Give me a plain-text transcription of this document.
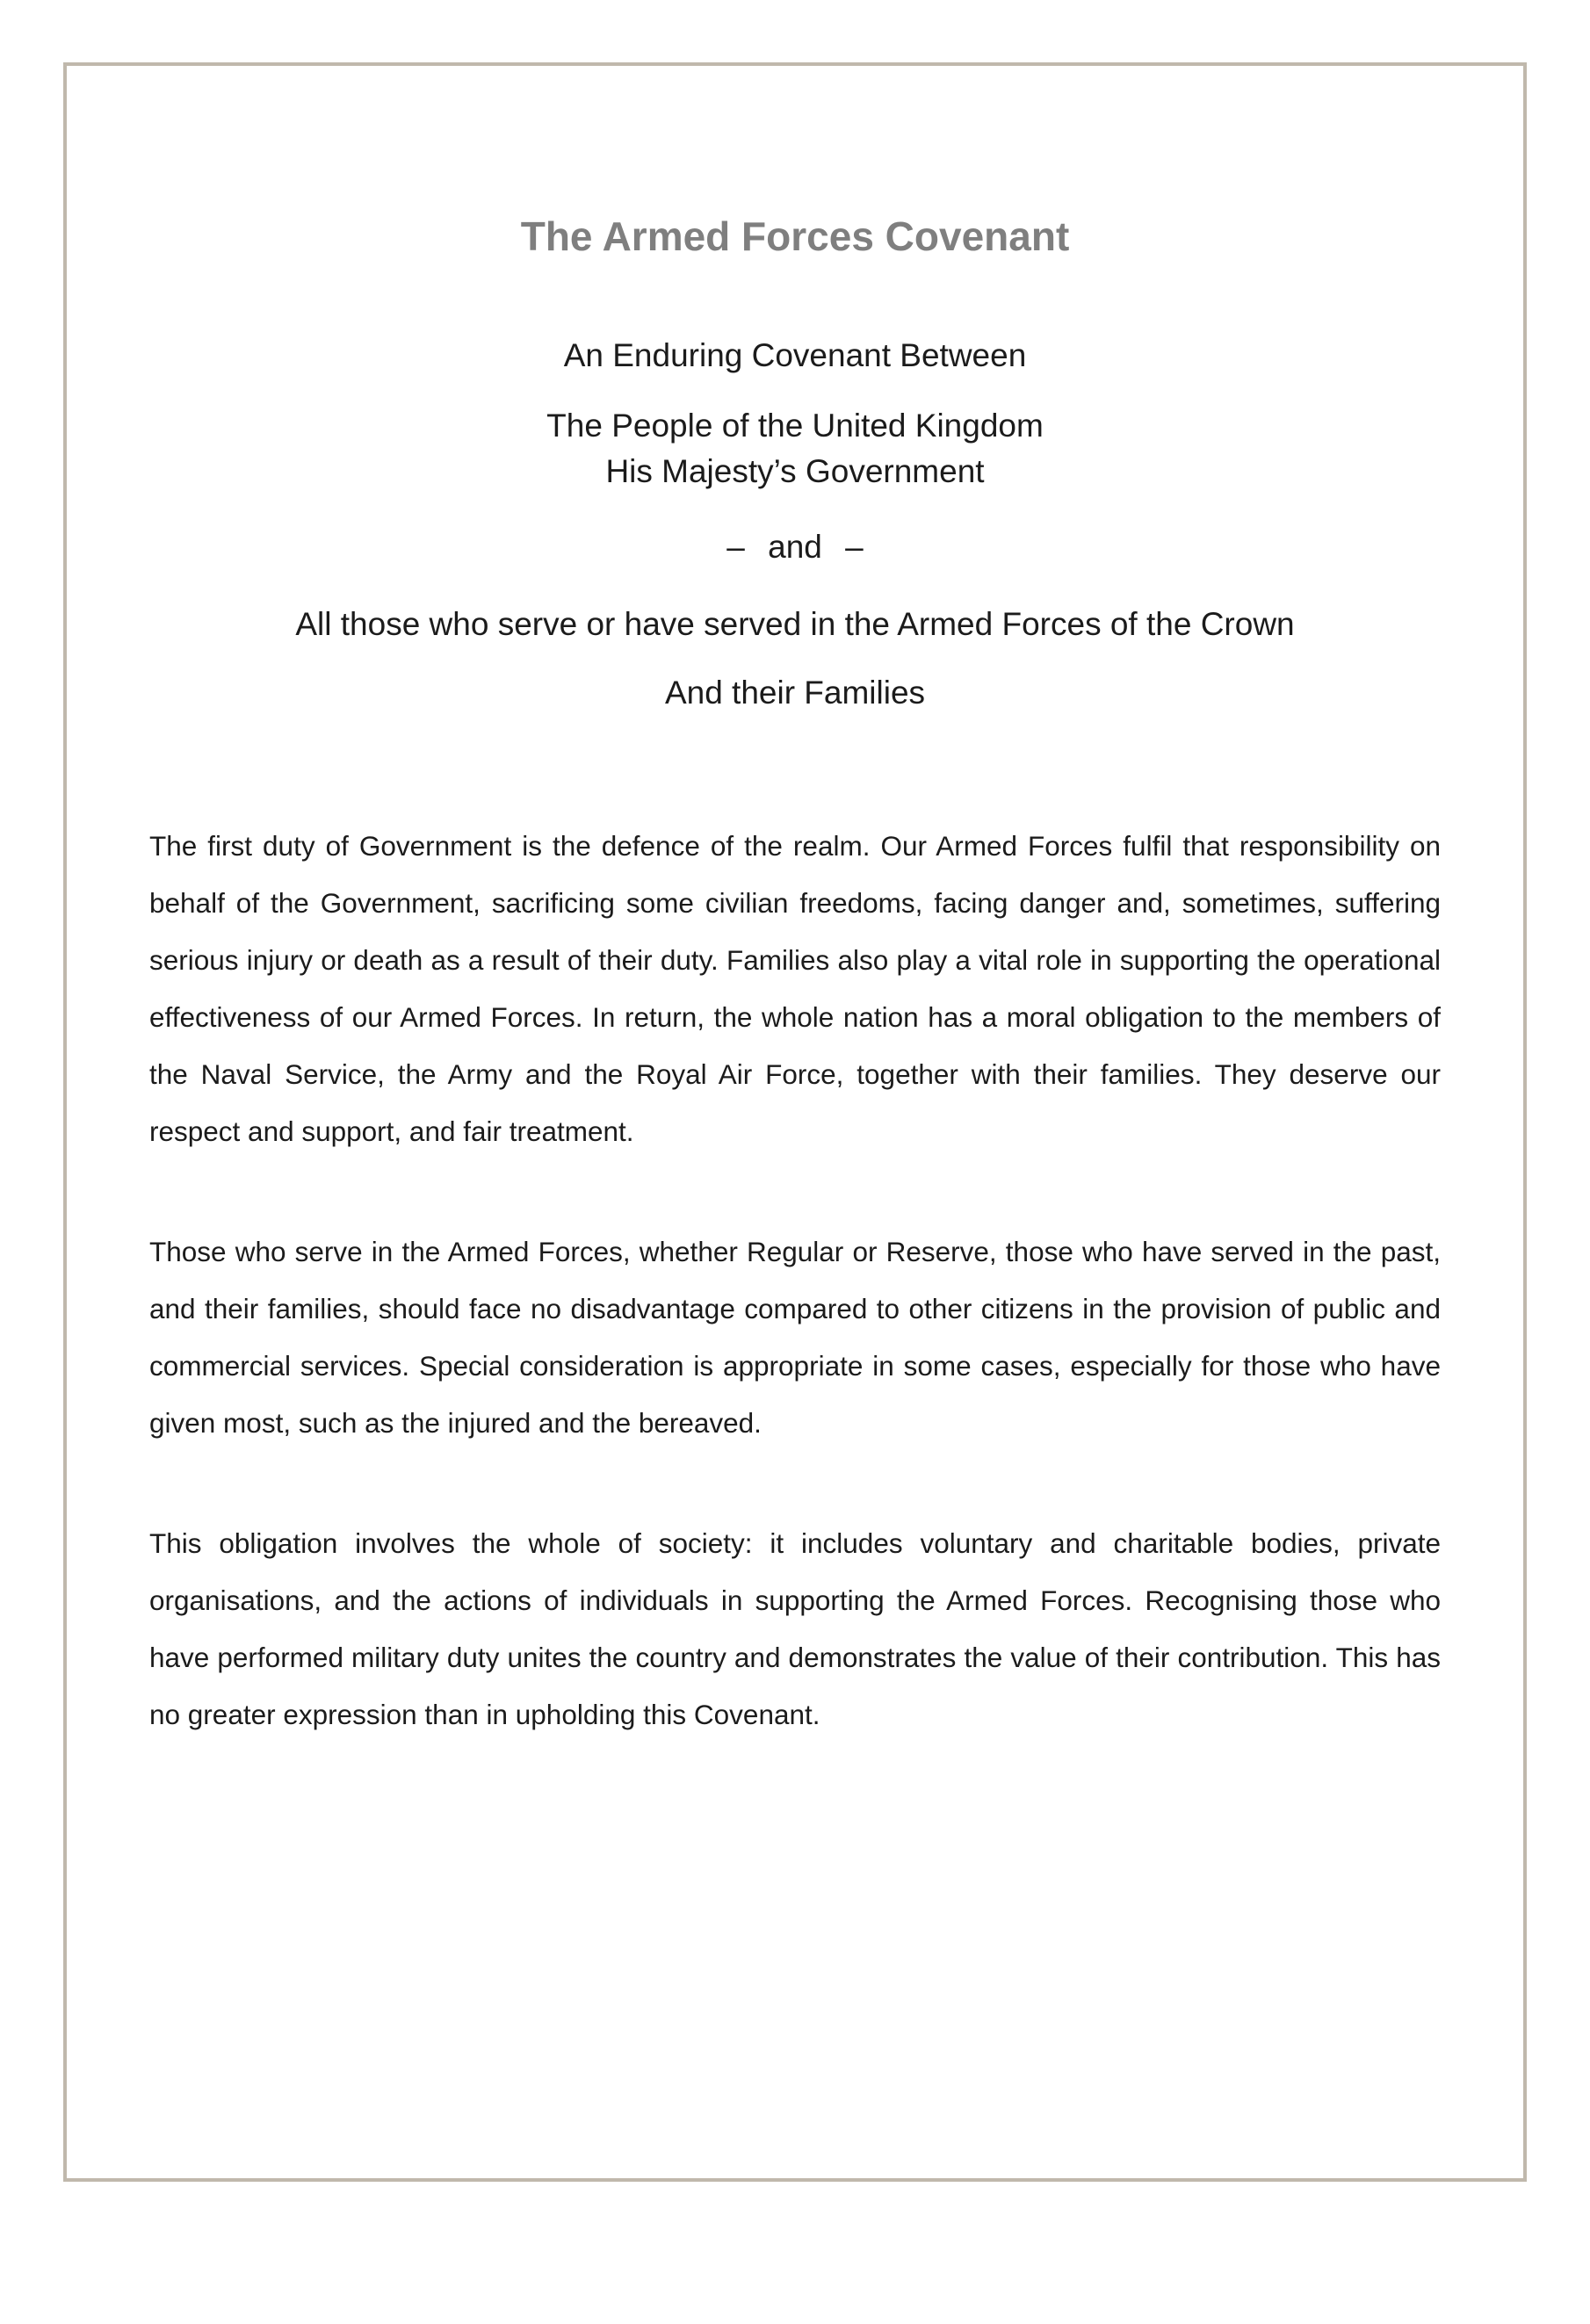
The Armed Forces Covenant
An Enduring Covenant Between
The People of the United Kingdom
His Majesty’s Government
– and –
All those who serve or have served in the Armed Forces of the Crown
And their Families

The first duty of Government is the defence of the realm. Our Armed Forces fulfil that responsibility on behalf of the Government, sacrificing some civilian freedoms, facing danger and, sometimes, suffering serious injury or death as a result of their duty. Families also play a vital role in supporting the operational effectiveness of our Armed Forces. In return, the whole nation has a moral obligation to the members of the Naval Service, the Army and the Royal Air Force, together with their families. They deserve our respect and support, and fair treatment.

Those who serve in the Armed Forces, whether Regular or Reserve, those who have served in the past, and their families, should face no disadvantage compared to other citizens in the provision of public and commercial services. Special consideration is appropriate in some cases, especially for those who have given most, such as the injured and the bereaved.

This obligation involves the whole of society: it includes voluntary and charitable bodies, private organisations, and the actions of individuals in supporting the Armed Forces. Recognising those who have performed military duty unites the country and demonstrates the value of their contribution. This has no greater expression than in upholding this Covenant.
